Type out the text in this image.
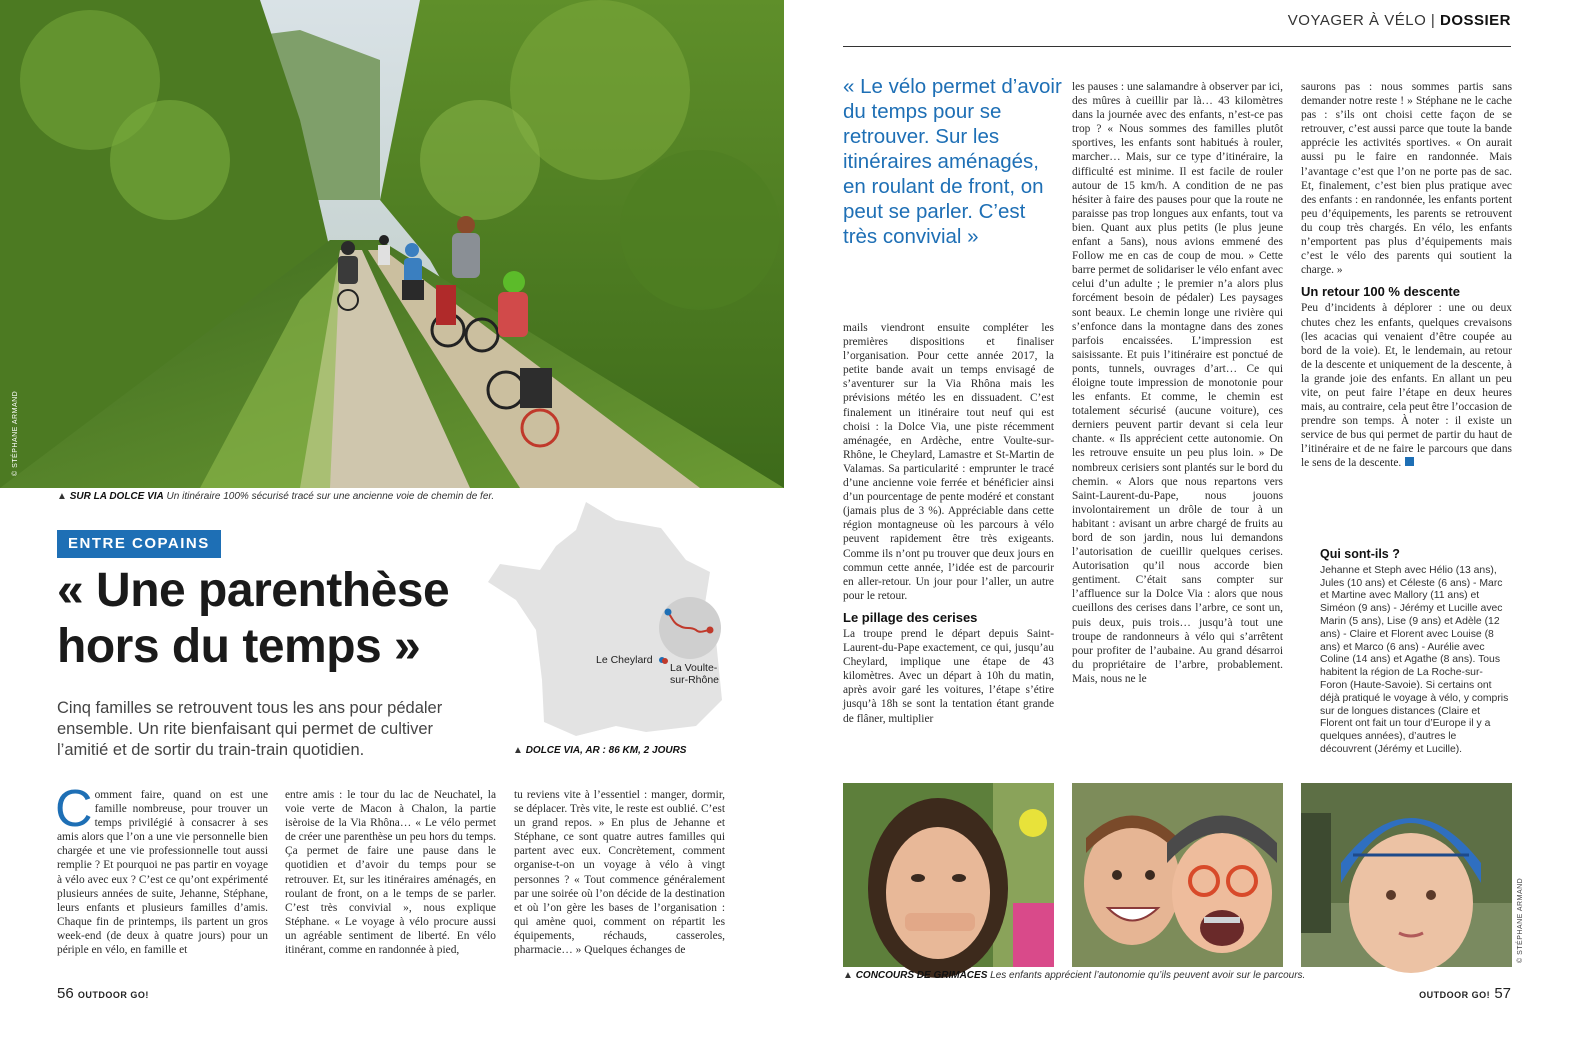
© STÉPHANE ARMAND
▲ SUR LA DOLCE VIA Un itinéraire 100% sécurisé tracé sur une ancienne voie de chemin de fer.
ENTRE COPAINS
« Une parenthèse hors du temps »
Cinq familles se retrouvent tous les ans pour pédaler ensemble. Un rite bienfaisant qui permet de cultiver l’amitié et de sortir du train-train quotidien.
Le Cheylard
La Voulte-
sur-Rhône
▲ DOLCE VIA, AR : 86 KM, 2 JOURS
Comment faire, quand on est une famille nombreuse, pour trouver un temps privilégié à consacrer à ses amis alors que l’on a une vie personnelle bien chargée et une vie professionnelle tout aussi remplie ? Et pourquoi ne pas partir en voyage à vélo avec eux ? C’est ce qu’ont expérimenté plusieurs années de suite, Jehanne, Stéphane, leurs enfants et plusieurs familles d’amis. Chaque fin de printemps, ils partent un gros week-end (de deux à quatre jours) pour un périple en vélo, en famille et
entre amis : le tour du lac de Neuchatel, la voie verte de Macon à Chalon, la partie isèroise de la Via Rhôna… « Le vélo permet de créer une parenthèse un peu hors du temps. Ça permet de faire une pause dans le quotidien et d’avoir du temps pour se retrouver. Et, sur les itinéraires aménagés, en roulant de front, on a le temps de se parler. C’est très convivial », nous explique Stéphane. « Le voyage à vélo procure aussi un agréable sentiment de liberté. En vélo itinérant, comme en randonnée à pied,
tu reviens vite à l’essentiel : manger, dormir, se déplacer. Très vite, le reste est oublié. C’est un grand repos. » En plus de Jehanne et Stéphane, ce sont quatre autres familles qui partent avec eux. Concrètement, comment organise-t-on un voyage à vélo à vingt personnes ? « Tout commence généralement par une soirée où l’on décide de la destination et où l’on gère les bases de l’organisation : qui amène quoi, comment on répartit les équipements, réchauds, casseroles, pharmacie… » Quelques échanges de
56 OUTDOOR GO!
VOYAGER À VÉLO | DOSSIER
« Le vélo permet d’avoir du temps pour se retrouver. Sur les itinéraires aménagés, en roulant de front, on peut se parler. C’est très convivial »

mails viendront ensuite compléter les premières dispositions et finaliser l’organisation. Pour cette année 2017, la petite bande avait un temps envisagé de s’aventurer sur la Via Rhôna mais les prévisions météo les en dissuadent. C’est finalement un itinéraire tout neuf qui est choisi : la Dolce Via, une piste récemment aménagée, en Ardèche, entre Voulte-sur-Rhône, le Cheylard, Lamastre et St-Martin de Valamas. Sa particularité : emprunter le tracé d’une ancienne voie ferrée et bénéficier ainsi d’un pourcentage de pente modéré et constant (jamais plus de 3 %). Appréciable dans cette région montagneuse où les parcours à vélo peuvent rapidement être très exigeants. Comme ils n’ont pu trouver que deux jours en commun cette année, l’idée est de parcourir en aller-retour. Un jour pour l’aller, un autre pour le retour.

Le pillage des cerises

La troupe prend le départ depuis Saint-Laurent-du-Pape exactement, ce qui, jusqu’au Cheylard, implique une étape de 43 kilomètres. Avec un départ à 10h du matin, après avoir garé les voitures, l’étape s’étire jusqu’à 18h se sont la tentation étant grande de flâner, multiplier

les pauses : une salamandre à observer par ici, des mûres à cueillir par là… 43 kilomètres dans la journée avec des enfants, n’est-ce pas trop ? « Nous sommes des familles plutôt sportives, les enfants sont habitués à rouler, marcher… Mais, sur ce type d’itinéraire, la difficulté est minime. Il est facile de rouler autour de 15 km/h. A condition de ne pas hésiter à faire des pauses pour que la route ne paraisse pas trop longues aux enfants, tout va bien. Quant aux plus petits (le plus jeune enfant a 5ans), nous avions emmené des Follow me en cas de coup de mou. » Cette barre permet de solidariser le vélo enfant avec celui d’un adulte ; le premier n’a alors plus forcément besoin de pédaler) Les paysages sont beaux. Le chemin longe une rivière qui s’enfonce dans la montagne dans des zones parfois encaissées. L’impression est saisissante. Et puis l’itinéraire est ponctué de ponts, tunnels, ouvrages d’art… Ce qui éloigne toute impression de monotonie pour les enfants. Et comme, le chemin est totalement sécurisé (aucune voiture), ces derniers peuvent partir devant si cela leur chante. « Ils apprécient cette autonomie. On les retrouve ensuite un peu plus loin. » De nombreux cerisiers sont plantés sur le bord du chemin. « Alors que nous repartons vers Saint-Laurent-du-Pape, nous jouons involontairement un drôle de tour à un habitant : avisant un arbre chargé de fruits au bord de son jardin, nous lui demandons l’autorisation de cueillir quelques cerises. Autorisation qu’il nous accorde bien gentiment. C’était sans compter sur l’affluence sur la Dolce Via : alors que nous cueillons des cerises dans l’arbre, ce sont un, puis deux, puis trois… jusqu’à tout une troupe de randonneurs à vélo qui s’arrêtent pour profiter de l’aubaine. Au grand désarroi du propriétaire de l’arbre, probablement. Mais, nous ne le

saurons pas : nous sommes partis sans demander notre reste ! » Stéphane ne le cache pas : s’ils ont choisi cette façon de se retrouver, c’est aussi parce que toute la bande apprécie les activités sportives. « On aurait aussi pu le faire en randonnée. Mais l’avantage c’est que l’on ne porte pas de sac. Et, finalement, c’est bien plus pratique avec des enfants : en randonnée, les enfants portent peu d’équipements, les parents se retrouvent du coup très chargés. En vélo, les enfants n’emportent pas plus d’équipements mais c’est le vélo des parents qui soutient la charge. »

Un retour 100 % descente

Peu d’incidents à déplorer : une ou deux chutes chez les enfants, quelques crevaisons (les acacias qui venaient d’être coupée au bord de la voie). Et, le lendemain, au retour de la descente et uniquement de la descente, à la grande joie des enfants. En allant un peu vite, on peut faire l’étape en deux heures mais, au contraire, cela peut être l’occasion de prendre son temps. À noter : il existe un service de bus qui permet de partir du haut de l’itinéraire et de ne faire le parcours que dans le sens de la descente.

Qui sont-ils ?
Jehanne et Steph avec Hélio (13 ans), Jules (10 ans) et Céleste (6 ans) - Marc et Martine avec Mallory (11 ans) et Siméon (9 ans) - Jérémy et Lucille avec Marin (5 ans), Lise (9 ans) et Adèle (12 ans) - Claire et Florent avec Louise (8 ans) et Marco (6 ans) - Aurélie avec Coline (14 ans) et Agathe (8 ans). Tous habitent la région de La Roche-sur-Foron (Haute-Savoie). Si certains ont déjà pratiqué le voyage à vélo, y compris sur de longues distances (Claire et Florent ont fait un tour d’Europe il y a quelques années), d’autres le découvrent (Jérémy et Lucille).
© STÉPHANE ARMAND
▲ CONCOURS DE GRIMACES Les enfants apprécient l’autonomie qu’ils peuvent avoir sur le parcours.
OUTDOOR GO! 57
